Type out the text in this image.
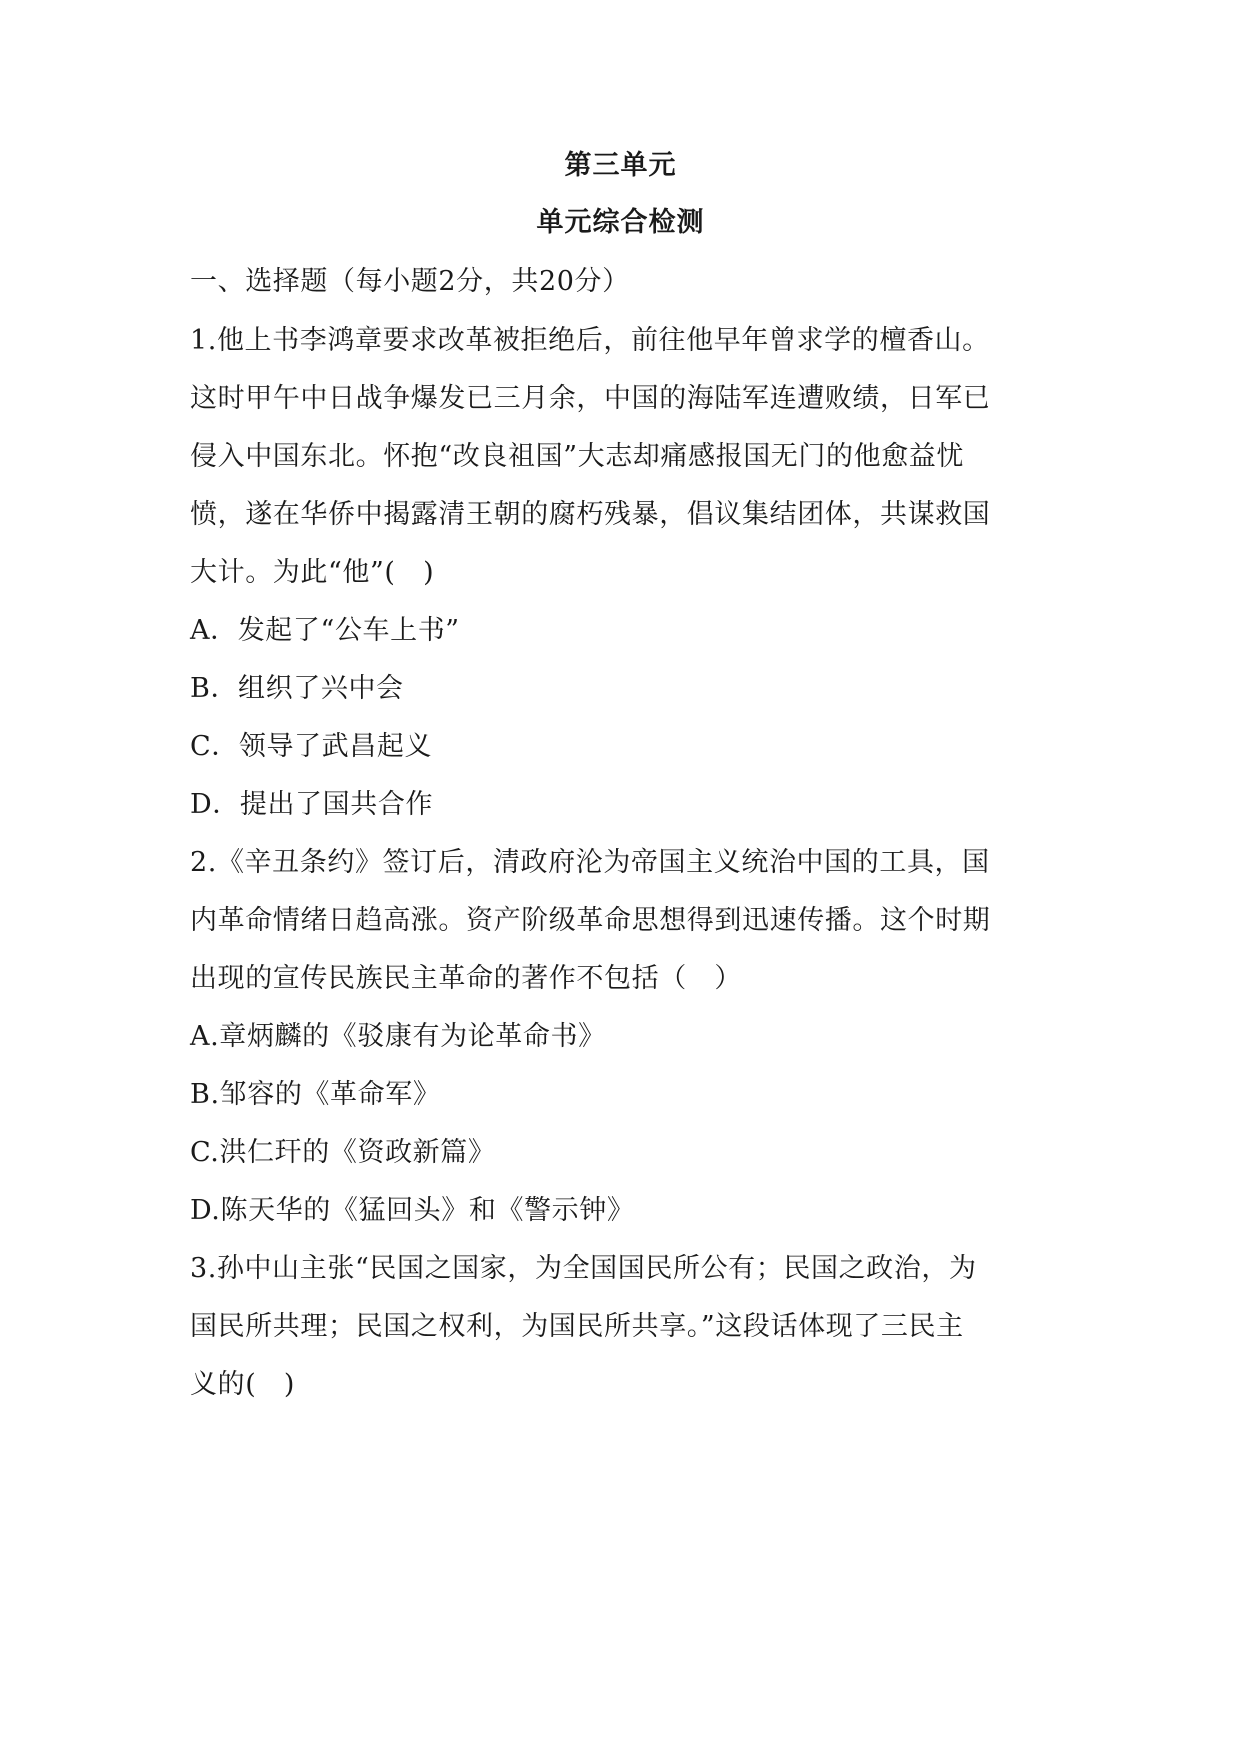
第三单元
单元综合检测
一、选择题（每小题2分，共20分）
1.他上书李鸿章要求改革被拒绝后，前往他早年曾求学的檀香山。
这时甲午中日战争爆发已三月余，中国的海陆军连遭败绩，日军已
侵入中国东北。怀抱“改良祖国”大志却痛感报国无门的他愈益忧
愤，遂在华侨中揭露清王朝的腐朽残暴，倡议集结团体，共谋救国
大计。为此“他”(　)
A．发起了“公车上书”
B．组织了兴中会
C．领导了武昌起义
D．提出了国共合作
2.《辛丑条约》签订后，清政府沦为帝国主义统治中国的工具，国
内革命情绪日趋高涨。资产阶级革命思想得到迅速传播。这个时期
出现的宣传民族民主革命的著作不包括（　）
A.章炳麟的《驳康有为论革命书》
B.邹容的《革命军》
C.洪仁玕的《资政新篇》
D.陈天华的《猛回头》和《警示钟》
3.孙中山主张“民国之国家，为全国国民所公有；民国之政治，为
国民所共理；民国之权利，为国民所共享。”这段话体现了三民主
义的(　)
